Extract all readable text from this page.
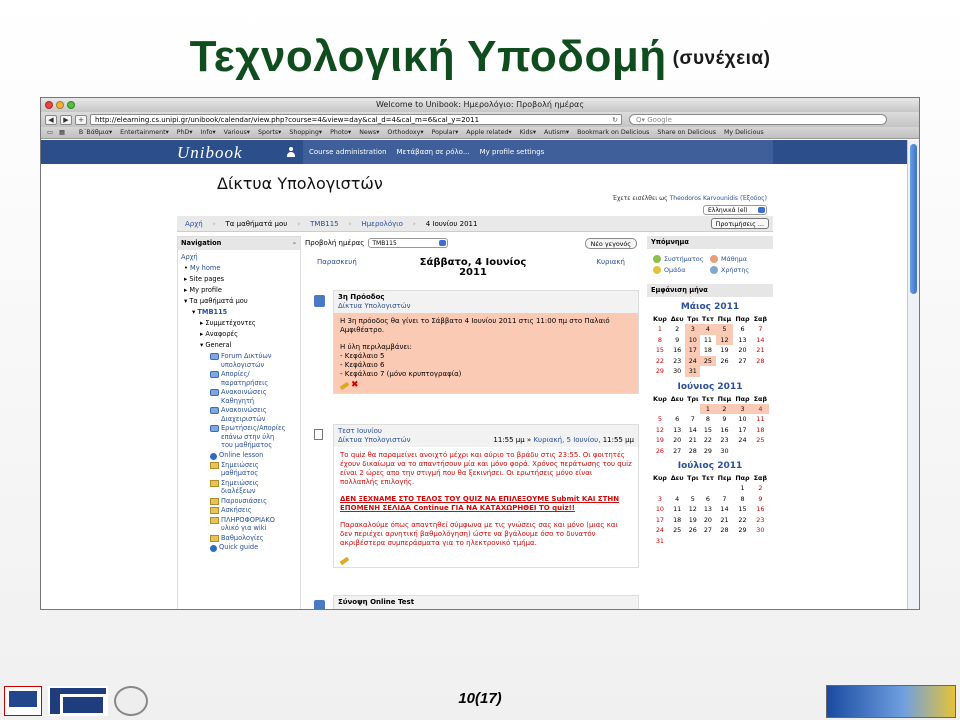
Τεχνολογική Υποδομή (συνέχεια)
Welcome to Unibook: Ημερολόγιο: Προβολή ημέρας
◀	▶	+	http://elearning.cs.unipi.gr/unibook/calendar/view.php?course=4&view=day&cal_d=4&cal_m=6&cal_y=2011	↻	Q▾ Google
▭ ▦ Β΄Βάθμια▾ Entertainment▾ PhD▾ Info▾ Various▾ Sports▾ Shopping▾ Photo▾ News▾ Orthodoxy▾ Popular▾ Apple related▾ Kids▾ Autism▾ Bookmark on Delicious Share on Delicious My Delicious
Unibook	Course administration Μετάβαση σε ρόλο... My profile settings
Δίκτυα Υπολογιστών
Έχετε εισέλθει ως Theodoros Karvounidis (Έξοδος)
Ελληνικά (el)
Αρχή › Τα μαθήματά μου › ΤΜΒ115 › Ημερολόγιο › 4 Ιουνίου 2011	Προτιμήσεις ...
Navigation	–
Αρχή
• My home
▸ Site pages
▸ My profile
▾ Τα μαθήματά μου
▾ TMB115
▸ Συμμετέχοντες
▸ Αναφορές
▾ General
Forum Δικτύων υπολογιστών
Απορίες/ παρατηρήσεις
Ανακοινώσεις Καθηγητή
Ανακοινώσεις Διαχειριστών
Ερωτήσεις/Απορίες επάνω στην ύλη του μαθήματος
Online lesson
Σημειώσεις μαθήματος
Σημειώσεις διαλέξεων
Παρουσιάσεις
Ασκήσεις
ΠΛΗΡΟΦΟΡΙΑΚΟ υλικό για wiki
Βαθμολογίες
Quick guide
Προβολή ημέρας	TMB115	Νέο γεγονός
Παρασκευή	Σάββατο, 4 Ιουνίος 2011
Κυριακή
3η Πρόοδος
Δίκτυα Υπολογιστών

Η 3η πρόοδος θα γίνει το Σάββατο 4 Ιουνίου 2011 στις 11:00 πμ στο Παλαιό Αμφιθέατρο.

Η ύλη περιλαμβάνει:
- Κεφάλαιο 5
- Κεφάλαιο 6
- Κεφάλαιο 7 (μόνο κρυπτογραφία)
✖
Τεστ Ιουνίου
Δίκτυα Υπολογιστών	11:55 μμ » Κυριακή, 5 Ιουνίου, 11:55 μμ

Το quiz θα παραμείνει ανοιχτό μέχρι και αύριο το βράδυ στις 23:55. Οι φοιτητές έχουν δικαίωμα να το απαντήσουν μία και μόνο φορά. Χρόνος περάτωσης του quiz είναι 2 ώρες απο την στιγμή που θα ξεκινήσει. Οι ερωτήσεις μόνο είναι πολλαπλής επιλογής.

ΔΕΝ ΞΕΧΝΑΜΕ ΣΤΟ ΤΕΛΟΣ ΤΟΥ QUIZ ΝΑ ΕΠΙΛΕΞΟΥΜΕ Submit ΚΑΙ ΣΤΗΝ ΕΠΟΜΕΝΗ ΣΕΛΙΔΑ Continue ΓΙΑ ΝΑ ΚΑΤΑΧΩΡΗΘΕΙ ΤΟ quiz!!

Παρακαλούμε όπως απαντηθεί σύμφωνα με τις γνώσεις σας και μόνο (μιας και δεν περιέχει αρνητική βαθμολόγηση) ώστε να βγάλουμε όσο το δυνατόν ακριβέστερα συμπεράσματα για το ηλεκτρονικό τμήμα.

Σύνοψη Online Test
Υπόμνημα
Συστήματος	Μάθημα
Ομάδα	Χρήστης
Εμφάνιση μήνα
Μάιος 2011
Κυρ	Δευ	Τρι	Τετ	Πεμ	Παρ	Σαβ
1	2	3	4	5	6	7
8	9	10	11	12	13	14
15	16	17	18	19	20	21
22	23	24	25	26	27	28
29	30	31				
Ιούνιος 2011
Κυρ	Δευ	Τρι	Τετ	Πεμ	Παρ	Σαβ
			1	2	3	4
5	6	7	8	9	10	11
12	13	14	15	16	17	18
19	20	21	22	23	24	25
26	27	28	29	30		
Ιούλιος 2011
Κυρ	Δευ	Τρι	Τετ	Πεμ	Παρ	Σαβ
					1	2
3	4	5	6	7	8	9
10	11	12	13	14	15	16
17	18	19	20	21	22	23
24	25	26	27	28	29	30
31						
10(17)
